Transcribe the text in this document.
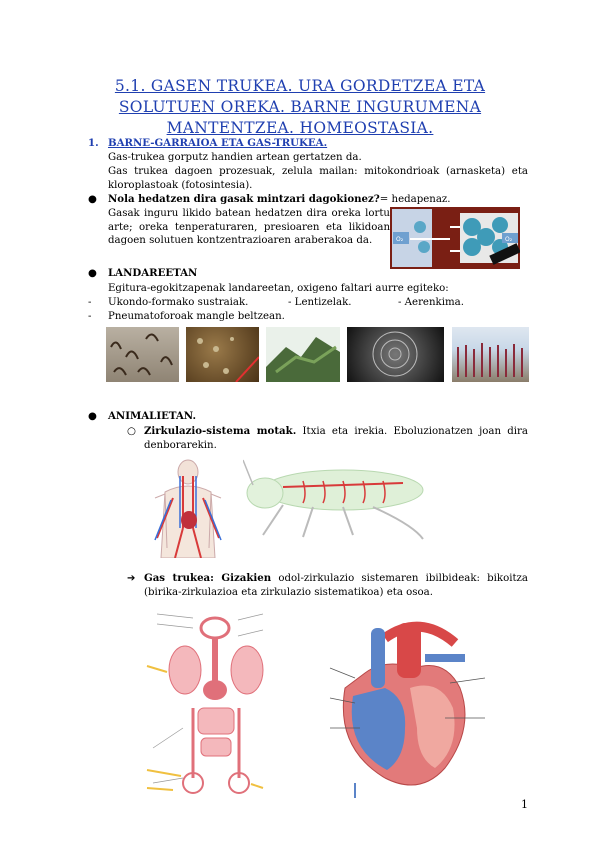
5.1. GASEN TRUKEA. URA GORDETZEA ETA SOLUTUEN OREKA. BARNE INGURUMENA MANTENTZEA. HOMEOSTASIA.
1. BARNE-GARRAIOA ETA GAS-TRUKEA.
Gas-trukea gorputz handien artean gertatzen da.
Gas trukea dagoen prozesuak, zelula mailan: mitokondrioak (arnasketa) eta kloroplastoak (fotosintesia).
● Nola hedatzen dira gasak mintzari dagokionez?= hedapenaz.
Gasak inguru likido batean hedatzen dira oreka lortu arte; oreka tenperaturaren, presioaren eta likidoan dagoen solutuen kontzentrazioaren araberakoa da.	O₂	O₂
● LANDAREETAN
Egitura-egokitzapenak landareetan, oxigeno faltari aurre egiteko:
- Ukondo-formako sustraiak.	- Lentizelak.	- Aerenkima.
- Pneumatoforoak mangle beltzean.
● ANIMALIETAN.
○ Zirkulazio-sistema motak. Itxia eta irekia. Eboluzionatzen joan dira denborarekin.
➔ Gas trukea: Gizakien odol-zirkulazio sistemaren ibilbideak: bikoitza (birika-zirkulazioa eta zirkulazio sistematikoa) eta osoa.
1
